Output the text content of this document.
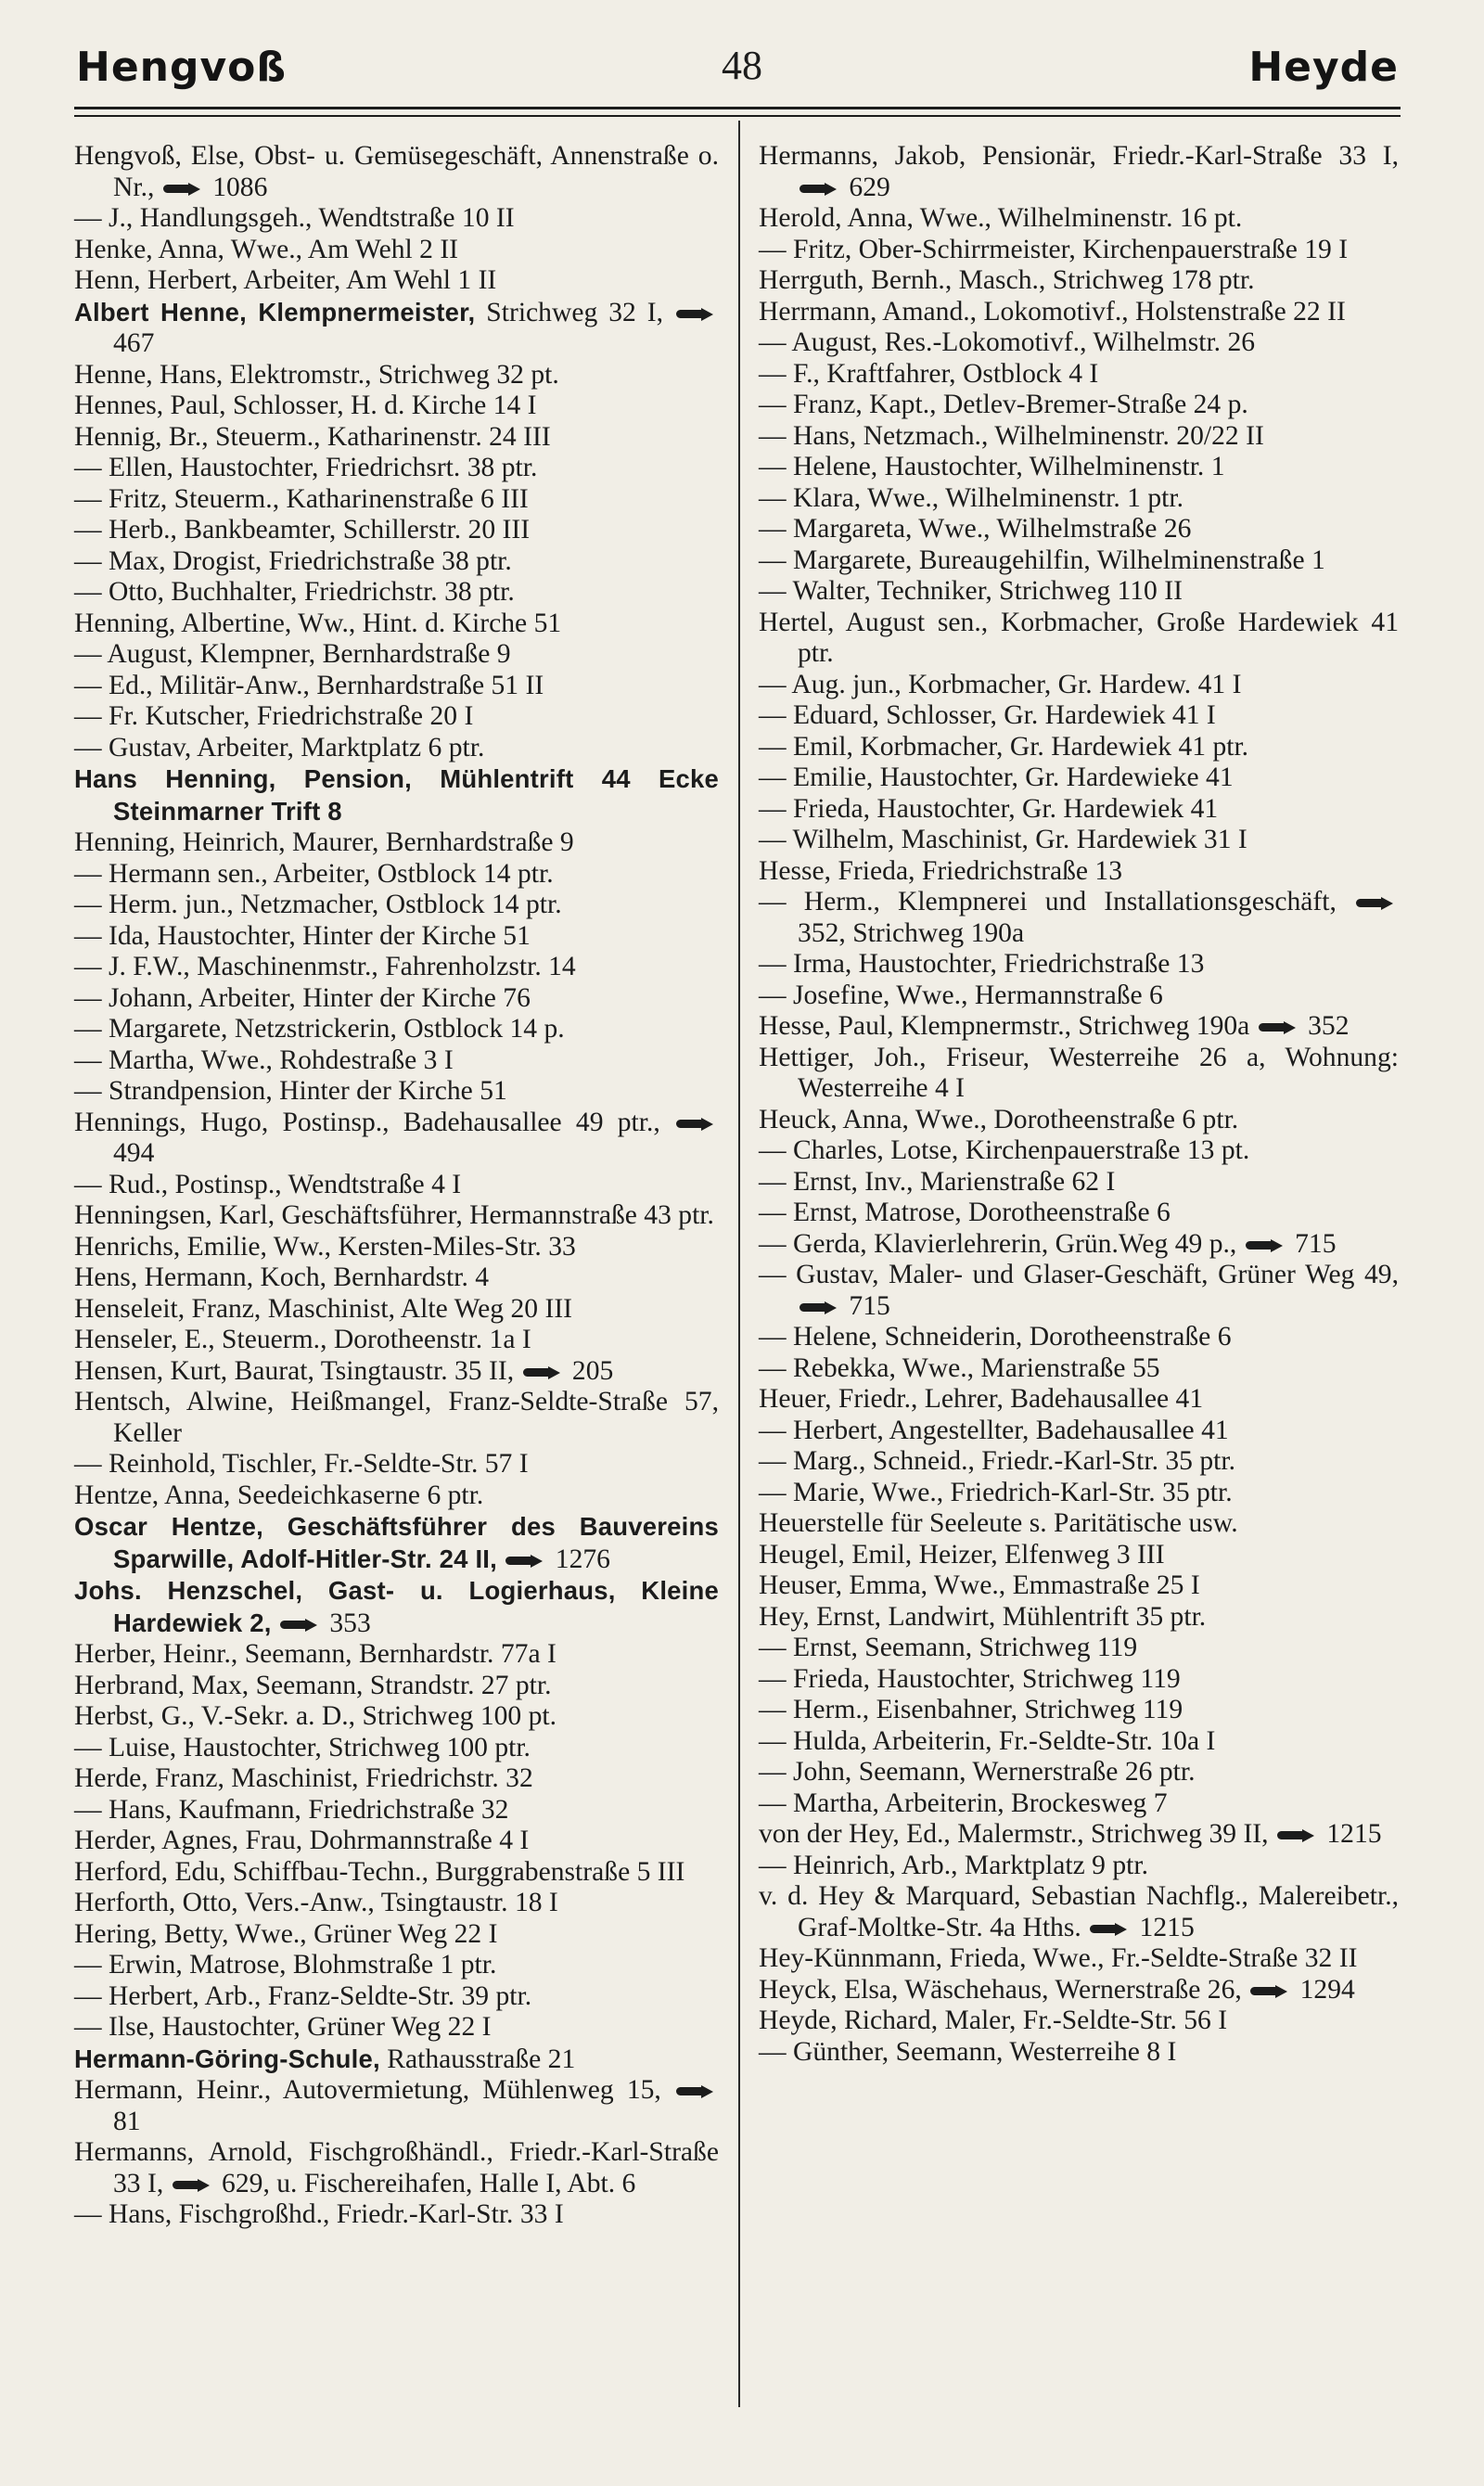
Hengvoß	48	Heyde
Hengvoß, Else, Obst- u. Gemüsegeschäft, Annenstraße o. Nr.,  1086
— J., Handlungsgeh., Wendtstraße 10 II
Henke, Anna, Wwe., Am Wehl 2 II
Henn, Herbert, Arbeiter, Am Wehl 1 II
Albert Henne, Klempnermeister, Strichweg 32 I,  467
Henne, Hans, Elektromstr., Strichweg 32 pt.
Hennes, Paul, Schlosser, H. d. Kirche 14 I
Hennig, Br., Steuerm., Katharinenstr. 24 III
— Ellen, Haustochter, Friedrichsrt. 38 ptr.
— Fritz, Steuerm., Katharinenstraße 6 III
— Herb., Bankbeamter, Schillerstr. 20 III
— Max, Drogist, Friedrichstraße 38 ptr.
— Otto, Buchhalter, Friedrichstr. 38 ptr.
Henning, Albertine, Ww., Hint. d. Kirche 51
— August, Klempner, Bernhardstraße 9
— Ed., Militär-Anw., Bernhardstraße 51 II
— Fr. Kutscher, Friedrichstraße 20 I
— Gustav, Arbeiter, Marktplatz 6 ptr.
Hans Henning, Pension, Mühlentrift 44 Ecke Steinmarner Trift 8
Henning, Heinrich, Maurer, Bernhardstraße 9
— Hermann sen., Arbeiter, Ostblock 14 ptr.
— Herm. jun., Netzmacher, Ostblock 14 ptr.
— Ida, Haustochter, Hinter der Kirche 51
— J. F.W., Maschinenmstr., Fahrenholzstr. 14
— Johann, Arbeiter, Hinter der Kirche 76
— Margarete, Netzstrickerin, Ostblock 14 p.
— Martha, Wwe., Rohdestraße 3 I
— Strandpension, Hinter der Kirche 51
Hennings, Hugo, Postinsp., Badehausallee 49 ptr.,  494
— Rud., Postinsp., Wendtstraße 4 I
Henningsen, Karl, Geschäftsführer, Hermannstraße 43 ptr.
Henrichs, Emilie, Ww., Kersten-Miles-Str. 33
Hens, Hermann, Koch, Bernhardstr. 4
Henseleit, Franz, Maschinist, Alte Weg 20 III
Henseler, E., Steuerm., Dorotheenstr. 1a I
Hensen, Kurt, Baurat, Tsingtaustr. 35 II,  205
Hentsch, Alwine, Heißmangel, Franz-Seldte-Straße 57, Keller
— Reinhold, Tischler, Fr.-Seldte-Str. 57 I
Hentze, Anna, Seedeichkaserne 6 ptr.
Oscar Hentze, Geschäftsführer des Bauvereins Sparwille, Adolf-Hitler-Str. 24 II,  1276
Johs. Henzschel, Gast- u. Logierhaus, Kleine Hardewiek 2,  353
Herber, Heinr., Seemann, Bernhardstr. 77a I
Herbrand, Max, Seemann, Strandstr. 27 ptr.
Herbst, G., V.-Sekr. a. D., Strichweg 100 pt.
— Luise, Haustochter, Strichweg 100 ptr.
Herde, Franz, Maschinist, Friedrichstr. 32
— Hans, Kaufmann, Friedrichstraße 32
Herder, Agnes, Frau, Dohrmannstraße 4 I
Herford, Edu, Schiffbau-Techn., Burggrabenstraße 5 III
Herforth, Otto, Vers.-Anw., Tsingtaustr. 18 I
Hering, Betty, Wwe., Grüner Weg 22 I
— Erwin, Matrose, Blohmstraße 1 ptr.
— Herbert, Arb., Franz-Seldte-Str. 39 ptr.
— Ilse, Haustochter, Grüner Weg 22 I
Hermann-Göring-Schule, Rathausstraße 21
Hermann, Heinr., Autovermietung, Mühlenweg 15,  81
Hermanns, Arnold, Fischgroßhändl., Friedr.-Karl-Straße 33 I,  629, u. Fischereihafen, Halle I, Abt. 6
— Hans, Fischgroßhd., Friedr.-Karl-Str. 33 I
Hermanns, Jakob, Pensionär, Friedr.-Karl-Straße 33 I,  629
Herold, Anna, Wwe., Wilhelminenstr. 16 pt.
— Fritz, Ober-Schirrmeister, Kirchenpauerstraße 19 I
Herrguth, Bernh., Masch., Strichweg 178 ptr.
Herrmann, Amand., Lokomotivf., Holstenstraße 22 II
— August, Res.-Lokomotivf., Wilhelmstr. 26
— F., Kraftfahrer, Ostblock 4 I
— Franz, Kapt., Detlev-Bremer-Straße 24 p.
— Hans, Netzmach., Wilhelminenstr. 20/22 II
— Helene, Haustochter, Wilhelminenstr. 1
— Klara, Wwe., Wilhelminenstr. 1 ptr.
— Margareta, Wwe., Wilhelmstraße 26
— Margarete, Bureaugehilfin, Wilhelminenstraße 1
— Walter, Techniker, Strichweg 110 II
Hertel, August sen., Korbmacher, Große Hardewiek 41 ptr.
— Aug. jun., Korbmacher, Gr. Hardew. 41 I
— Eduard, Schlosser, Gr. Hardewiek 41 I
— Emil, Korbmacher, Gr. Hardewiek 41 ptr.
— Emilie, Haustochter, Gr. Hardewieke 41
— Frieda, Haustochter, Gr. Hardewiek 41
— Wilhelm, Maschinist, Gr. Hardewiek 31 I
Hesse, Frieda, Friedrichstraße 13
— Herm., Klempnerei und Installationsgeschäft,  352, Strichweg 190a
— Irma, Haustochter, Friedrichstraße 13
— Josefine, Wwe., Hermannstraße 6
Hesse, Paul, Klempnermstr., Strichweg 190a  352
Hettiger, Joh., Friseur, Westerreihe 26 a, Wohnung: Westerreihe 4 I
Heuck, Anna, Wwe., Dorotheenstraße 6 ptr.
— Charles, Lotse, Kirchenpauerstraße 13 pt.
— Ernst, Inv., Marienstraße 62 I
— Ernst, Matrose, Dorotheenstraße 6
— Gerda, Klavierlehrerin, Grün.Weg 49 p.,  715
— Gustav, Maler- und Glaser-Geschäft, Grüner Weg 49,  715
— Helene, Schneiderin, Dorotheenstraße 6
— Rebekka, Wwe., Marienstraße 55
Heuer, Friedr., Lehrer, Badehausallee 41
— Herbert, Angestellter, Badehausallee 41
— Marg., Schneid., Friedr.-Karl-Str. 35 ptr.
— Marie, Wwe., Friedrich-Karl-Str. 35 ptr.
Heuerstelle für Seeleute s. Paritätische usw.
Heugel, Emil, Heizer, Elfenweg 3 III
Heuser, Emma, Wwe., Emmastraße 25 I
Hey, Ernst, Landwirt, Mühlentrift 35 ptr.
— Ernst, Seemann, Strichweg 119
— Frieda, Haustochter, Strichweg 119
— Herm., Eisenbahner, Strichweg 119
— Hulda, Arbeiterin, Fr.-Seldte-Str. 10a I
— John, Seemann, Wernerstraße 26 ptr.
— Martha, Arbeiterin, Brockesweg 7
von der Hey, Ed., Malermstr., Strichweg 39 II,  1215
— Heinrich, Arb., Marktplatz 9 ptr.
v. d. Hey & Marquard, Sebastian Nachflg., Malereibetr., Graf-Moltke-Str. 4a Hths.  1215
Hey-Künnmann, Frieda, Wwe., Fr.-Seldte-Straße 32 II
Heyck, Elsa, Wäschehaus, Wernerstraße 26,  1294
Heyde, Richard, Maler, Fr.-Seldte-Str. 56 I
— Günther, Seemann, Westerreihe 8 I
